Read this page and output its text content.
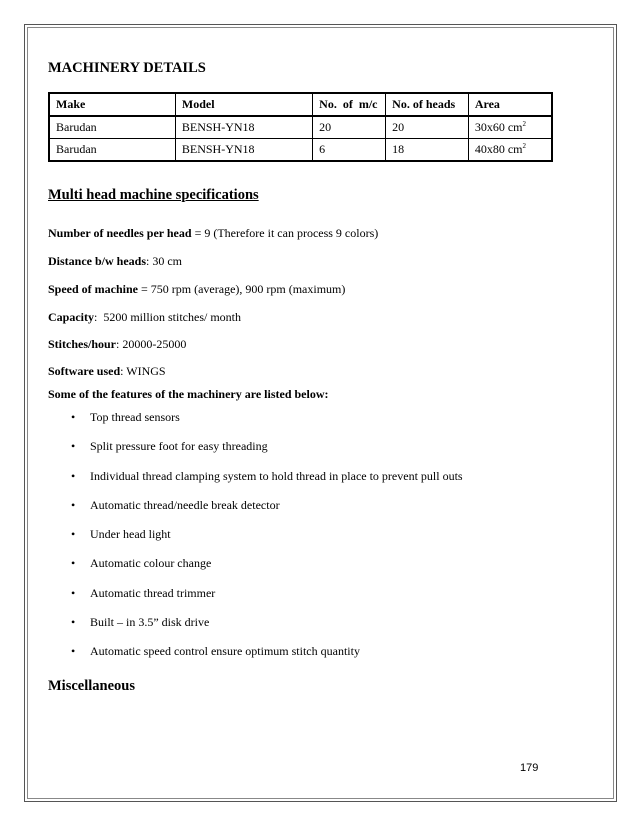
MACHINERY DETAILS
Make	Model	No.  of  m/c	No. of heads	Area
Barudan	BENSH-YN18	20	20	30x60 $cm^2$
Barudan	BENSH-YN18	6	18	40x80 $cm^2$
Multi head machine specifications
Number of needles per head = 9 (Therefore it can process 9 colors)
Distance b/w heads: 30 cm
Speed of machine = 750 rpm (average), 900 rpm (maximum)
Capacity:  5200 million stitches/ month
Stitches/hour: 20000-25000
Software used: WINGS
Some of the features of the machinery are listed below:
• Top thread sensors
• Split pressure foot for easy threading
• Individual thread clamping system to hold thread in place to prevent pull outs
• Automatic thread/needle break detector
• Under head light
• Automatic colour change
• Automatic thread trimmer
• Built – in 3.5” disk drive
• Automatic speed control ensure optimum stitch quantity
Miscellaneous
179
